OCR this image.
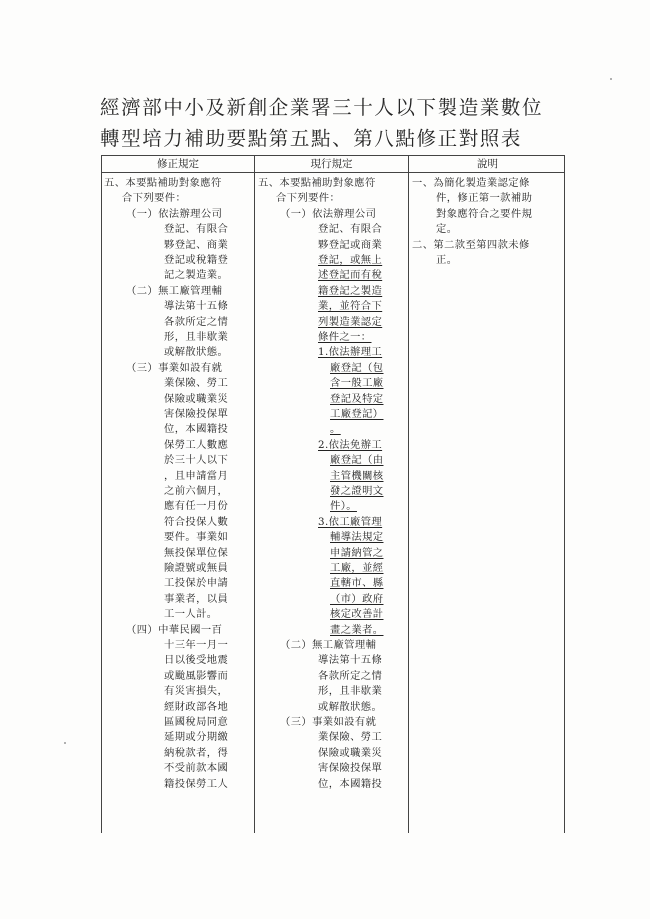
經濟部中小及新創企業署三十人以下製造業數位
轉型培力補助要點第五點、第八點修正對照表
修正規定	現行規定	說明
五、本要點補助對象應符
合下列要件：
（一）依法辦理公司
登記、有限合
夥登記、商業
登記或稅籍登
記之製造業。
（二）無工廠管理輔
導法第十五條
各款所定之情
形，且非歇業
或解散狀態。
（三）事業如設有就
業保險、勞工
保險或職業災
害保險投保單
位，本國籍投
保勞工人數應
於三十人以下
，且申請當月
之前六個月，
應有任一月份
符合投保人數
要件。事業如
無投保單位保
險證號或無員
工投保於申請
事業者，以員
工一人計。
（四）中華民國一百
十三年一月一
日以後受地震
或颱風影響而
有災害損失，
經財政部各地
區國稅局同意
延期或分期繳
納稅款者，得
不受前款本國
籍投保勞工人
五、本要點補助對象應符
合下列要件：
（一）依法辦理公司
登記、有限合
夥登記或商業
登記，或無上
述登記而有稅
籍登記之製造
業，並符合下
列製造業認定
條件之一：
1.依法辦理工
廠登記（包
含一般工廠
登記及特定
工廠登記）
。
2.依法免辦工
廠登記（由
主管機關核
發之證明文
件）。
3.依工廠管理
輔導法規定
申請納管之
工廠，並經
直轄市、縣
（市）政府
核定改善計
畫之業者。
（二）無工廠管理輔
導法第十五條
各款所定之情
形，且非歇業
或解散狀態。
（三）事業如設有就
業保險、勞工
保險或職業災
害保險投保單
位，本國籍投
一、為簡化製造業認定條
件，修正第一款補助
對象應符合之要件規
定。
二、第二款至第四款未修
正。
